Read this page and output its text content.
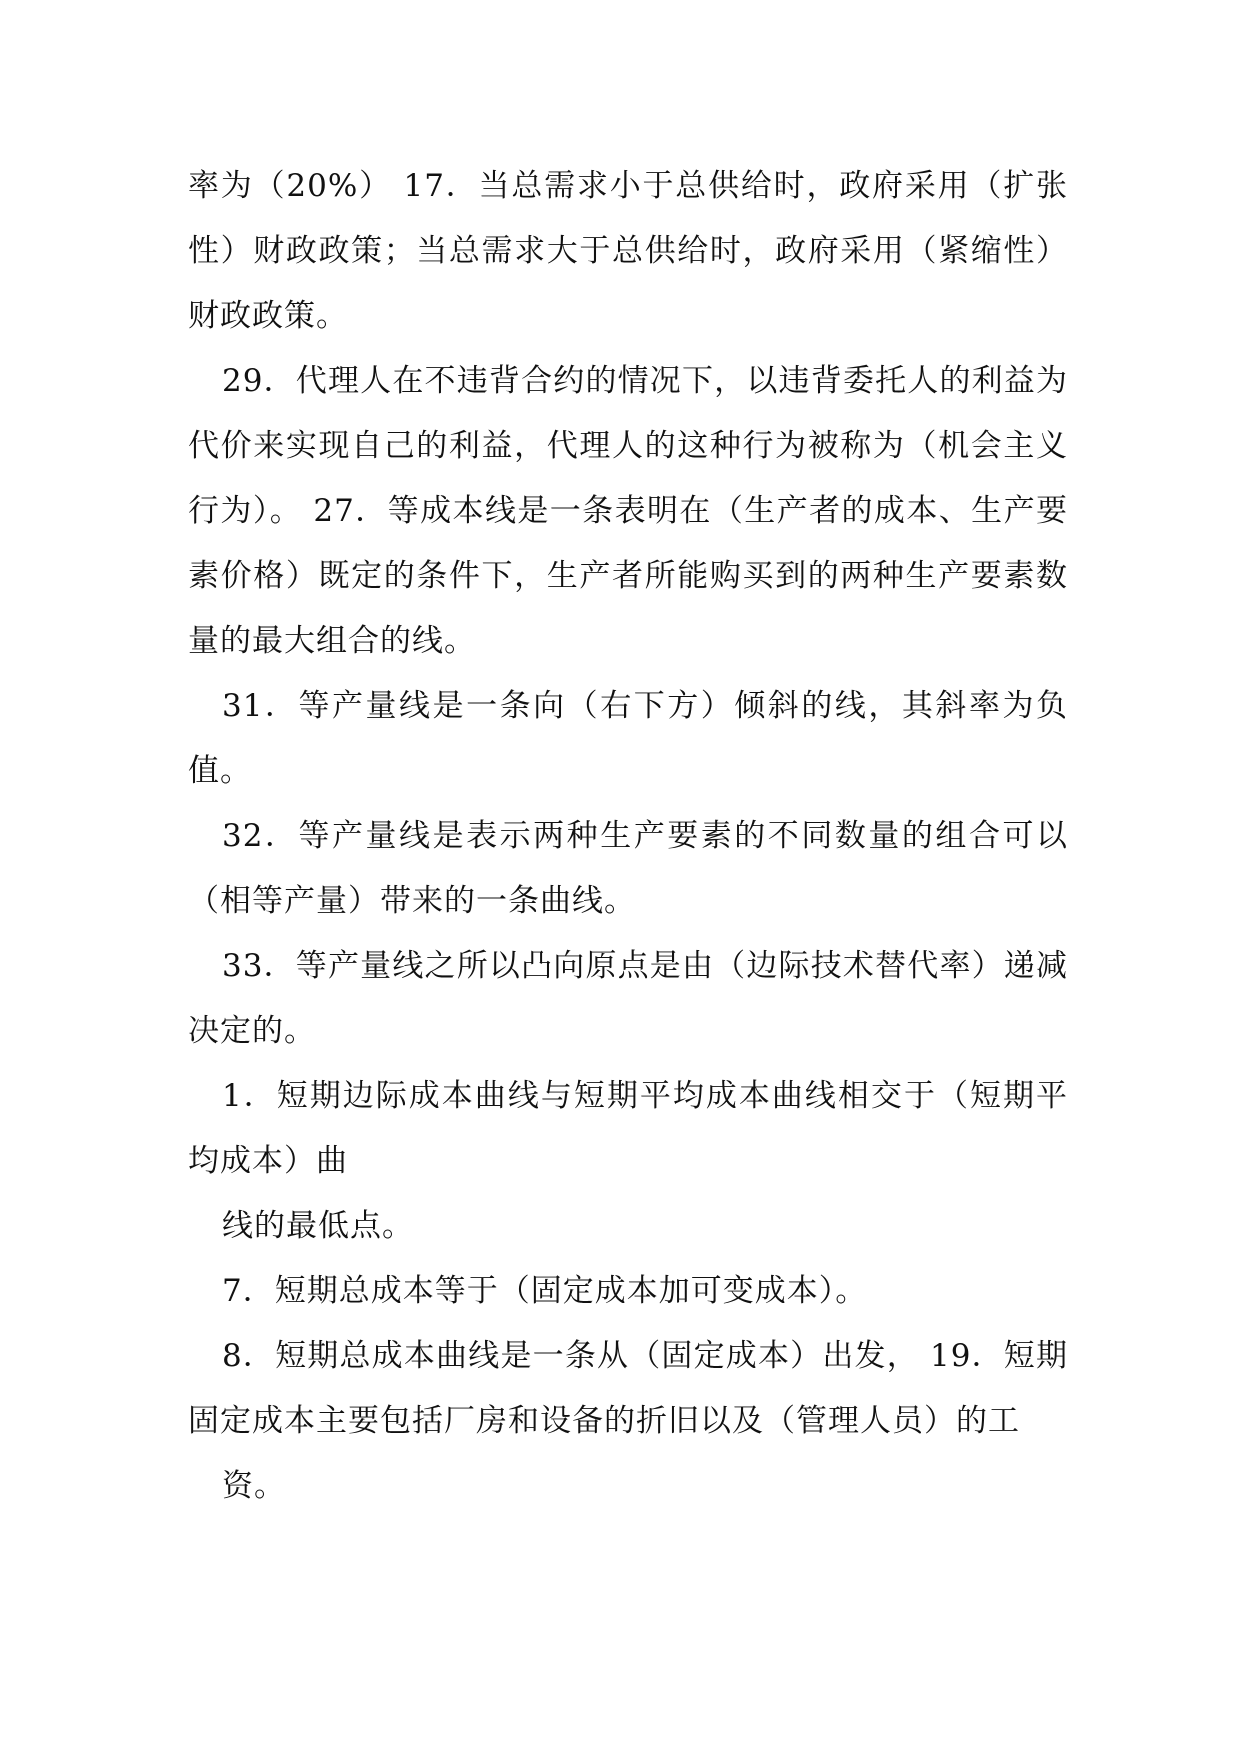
率为（20%） 17．当总需求小于总供给时，政府采用（扩张性）财政政策；当总需求大于总供给时，政府采用（紧缩性）财政政策。

29．代理人在不违背合约的情况下，以违背委托人的利益为代价来实现自己的利益，代理人的这种行为被称为（机会主义行为）。 27．等成本线是一条表明在（生产者的成本、生产要素价格）既定的条件下，生产者所能购买到的两种生产要素数量的最大组合的线。

31．等产量线是一条向（右下方）倾斜的线，其斜率为负值。

32．等产量线是表示两种生产要素的不同数量的组合可以（相等产量）带来的一条曲线。

33．等产量线之所以凸向原点是由（边际技术替代率）递减决定的。

1．短期边际成本曲线与短期平均成本曲线相交于（短期平均成本）曲

线的最低点。

7．短期总成本等于（固定成本加可变成本）。

8．短期总成本曲线是一条从（固定成本）出发， 19．短期固定成本主要包括厂房和设备的折旧以及（管理人员）的工

资。
